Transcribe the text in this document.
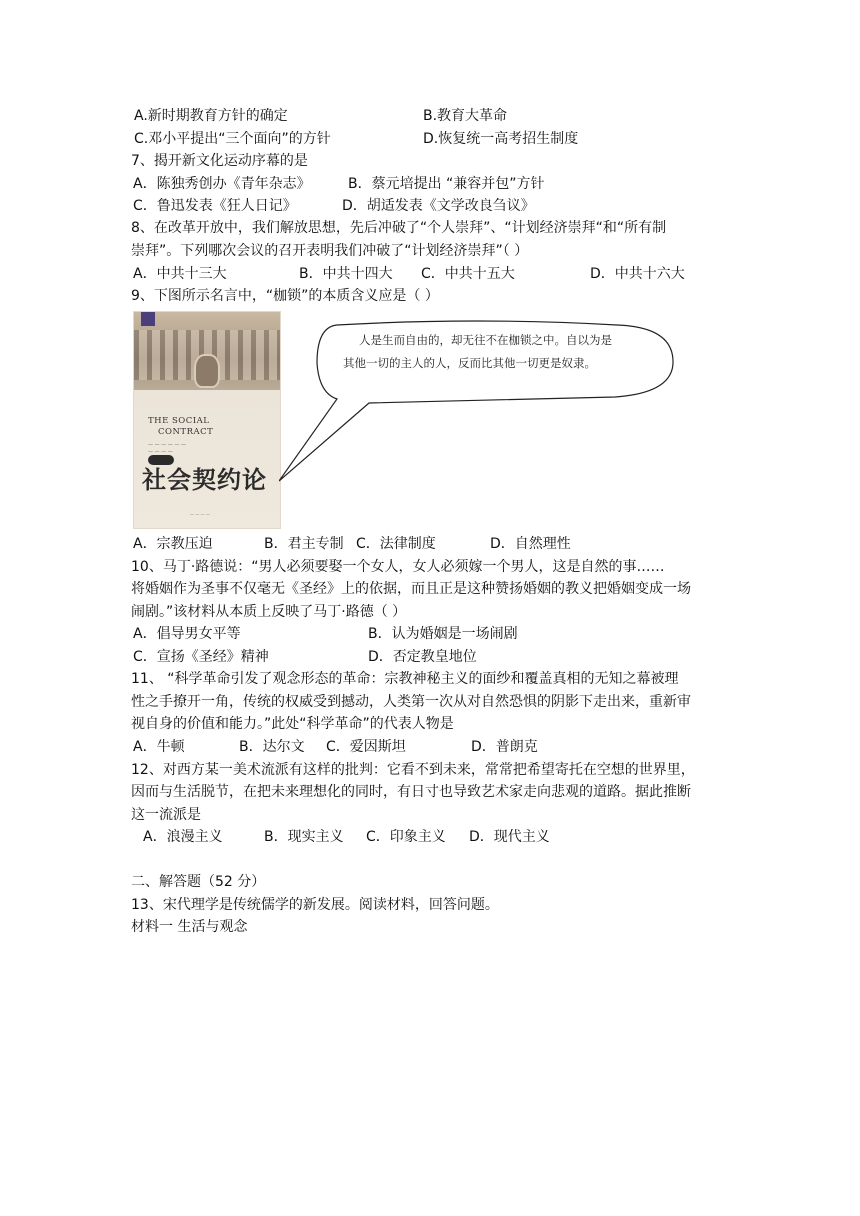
A.新时期教育方针的确定	B.教育大革命
C.邓小平提出“三个面向”的方针	D.恢复统一高考招生制度
7、揭开新文化运动序幕的是
A．陈独秀创办《青年杂志》	B．蔡元培提出 “兼容并包”方针
C．鲁迅发表《狂人日记》	D．胡适发表《文学改良刍议》
8、在改革开放中，我们解放思想，先后冲破了“个人崇拜”、“计划经济崇拜“和“所有制
崇拜”。下列哪次会议的召开表明我们冲破了“计划经济崇拜”（ ）
A．中共十三大	B．中共十四大 C．中共十五大	D．中共十六大
9、下图所示名言中，“枷锁”的本质含义应是（ ）
THE SOCIAL
CONTRACT
— — — — — —
— — — —
社会契约论
— — — —
人是生而自由的，却无往不在枷锁之中。自以为是
其他一切的主人的人，反而比其他一切更是奴隶。
A．宗教压迫	B．君主专制 C．法律制度	D．自然理性
10、马丁·路德说：“男人必须要娶一个女人，女人必须嫁一个男人，这是自然的事……
将婚姻作为圣事不仅毫无《圣经》上的依据，而且正是这种赞扬婚姻的教义把婚姻变成一场
闹剧。”该材料从本质上反映了马丁·路德（ ）
A．倡导男女平等	B．认为婚姻是一场闹剧
C．宣扬《圣经》精神	D．否定教皇地位
11、 “科学革命引发了观念形态的革命：宗教神秘主义的面纱和覆盖真相的无知之幕被理
性之手撩开一角，传统的权威受到撼动，人类第一次从对自然恐惧的阴影下走出来，重新审
视自身的价值和能力。”此处“科学革命”的代表人物是
A．牛顿	B．达尔文 C．爱因斯坦	D．普朗克
12、对西方某一美术流派有这样的批判：它看不到未来，常常把希望寄托在空想的世界里，
因而与生活脱节，在把未来理想化的同时，有日寸也导致艺术家走向悲观的道路。据此推断
这一流派是
A．浪漫主义	B．现实主义 C．印象主义 D．现代主义
二、解答题（52 分）
13、宋代理学是传统儒学的新发展。阅读材料，回答问题。
材料一 生活与观念
